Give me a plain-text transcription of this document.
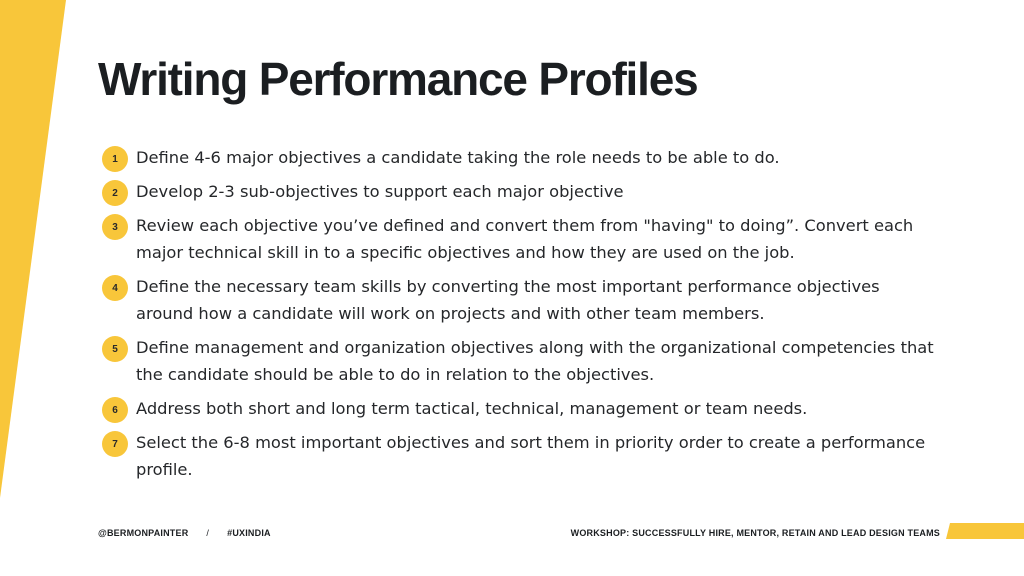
Writing Performance Profiles
1	Define 4-6 major objectives a candidate taking the role needs to be able to do.
2	Develop 2-3 sub-objectives to support each major objective
3	Review each objective you’ve defined and convert them from "having" to doing”. Convert each major technical skill in to a specific objectives and how they are used on the job.
4	Define the necessary team skills by converting the most important performance objectives around how a candidate will work on projects and with other team members.
5	Define management and organization objectives along with the organizational competencies that the candidate should be able to do in relation to the objectives.
6	Address both short and long term tactical, technical, management or team needs.
7	Select the 6-8 most important objectives and sort them in priority order to create a performance profile.
@BERMONPAINTER / #UXINDIA	WORKSHOP: SUCCESSFULLY HIRE, MENTOR, RETAIN AND LEAD DESIGN TEAMS
